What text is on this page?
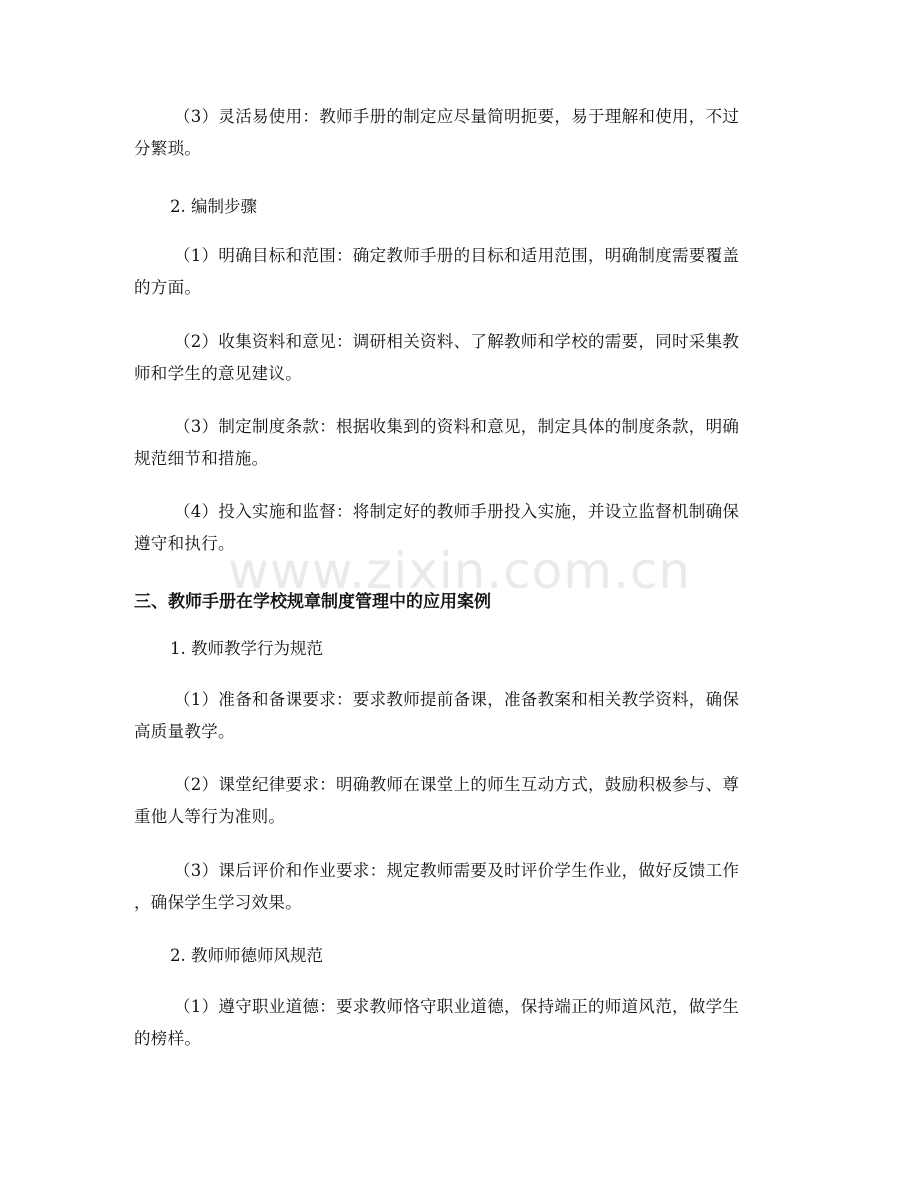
（3）灵活易使用：教师手册的制定应尽量简明扼要，易于理解和使用，不过
分繁琐。
2. 编制步骤
（1）明确目标和范围：确定教师手册的目标和适用范围，明确制度需要覆盖
的方面。
（2）收集资料和意见：调研相关资料、了解教师和学校的需要，同时采集教
师和学生的意见建议。
（3）制定制度条款：根据收集到的资料和意见，制定具体的制度条款，明确
规范细节和措施。
（4）投入实施和监督：将制定好的教师手册投入实施，并设立监督机制确保
遵守和执行。
三、教师手册在学校规章制度管理中的应用案例
1. 教师教学行为规范
（1）准备和备课要求：要求教师提前备课，准备教案和相关教学资料，确保
高质量教学。
（2）课堂纪律要求：明确教师在课堂上的师生互动方式，鼓励积极参与、尊
重他人等行为准则。
（3）课后评价和作业要求：规定教师需要及时评价学生作业，做好反馈工作
，确保学生学习效果。
2. 教师师德师风规范
（1）遵守职业道德：要求教师恪守职业道德，保持端正的师道风范，做学生
的榜样。
www.zixin.com.cn
